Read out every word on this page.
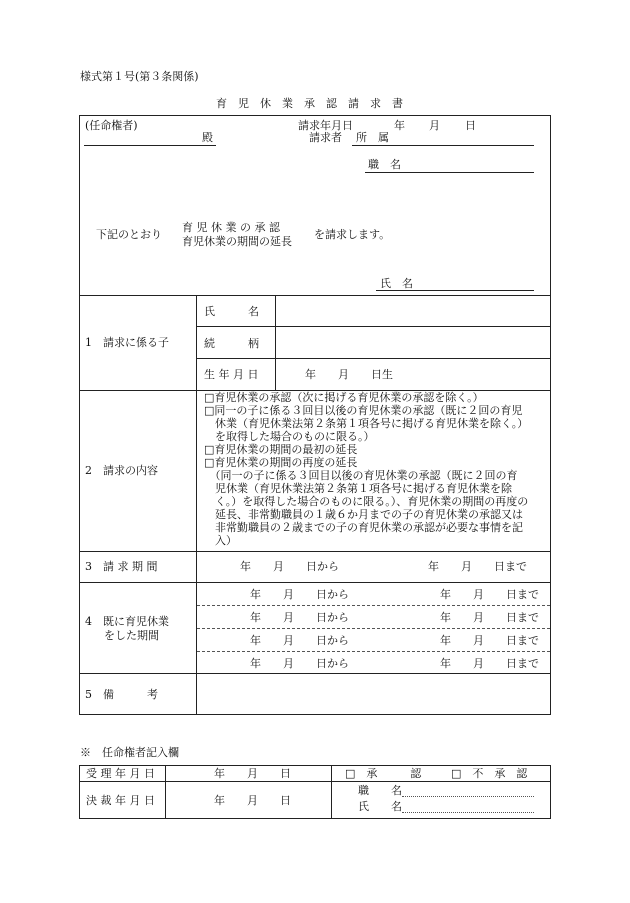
様式第１号(第３条関係)
育　児　休　業　承　認　請　求　書
(任命権者)
殿
請求年月日	年 月 日
請求者 所　属
職　名
下記のとおり
育 児 休 業 の 承 認
育児休業の期間の延長
を請求します。
氏　名
1　請求に係る子
氏　　　名
続　　　柄
生 年 月 日	年　　月　　日生
2　請求の内容
□育児休業の承認（次に掲げる育児休業の承認を除く。）
□同一の子に係る３回目以後の育児休業の承認（既に２回の育児
　休業（育児休業法第２条第１項各号に掲げる育児休業を除く。）
　を取得した場合のものに限る。）
□育児休業の期間の最初の延長
□育児休業の期間の再度の延長
　（同一の子に係る３回目以後の育児休業の承認（既に２回の育
　児休業（育児休業法第２条第１項各号に掲げる育児休業を除
　く。）を取得した場合のものに限る。）、育児休業の期間の再度の
　延長、非常勤職員の１歳６か月までの子の育児休業の承認又は
　非常勤職員の２歳までの子の育児休業の承認が必要な事情を記
　入）
3　請 求 期 間	年　　月　　日から	年　　月　　日まで
4　既に育児休業
をした期間
年　　月　　日から	年　　月　　日まで
年　　月　　日から	年　　月　　日まで
年　　月　　日から	年　　月　　日まで
年　　月　　日から	年　　月　　日まで
5　備　　　考
※　任命権者記入欄
受 理 年 月 日	年　　月　　日	□　承　　　認	□　不　承　認
決 裁 年 月 日	年　　月　　日
職　　名
氏　　名
